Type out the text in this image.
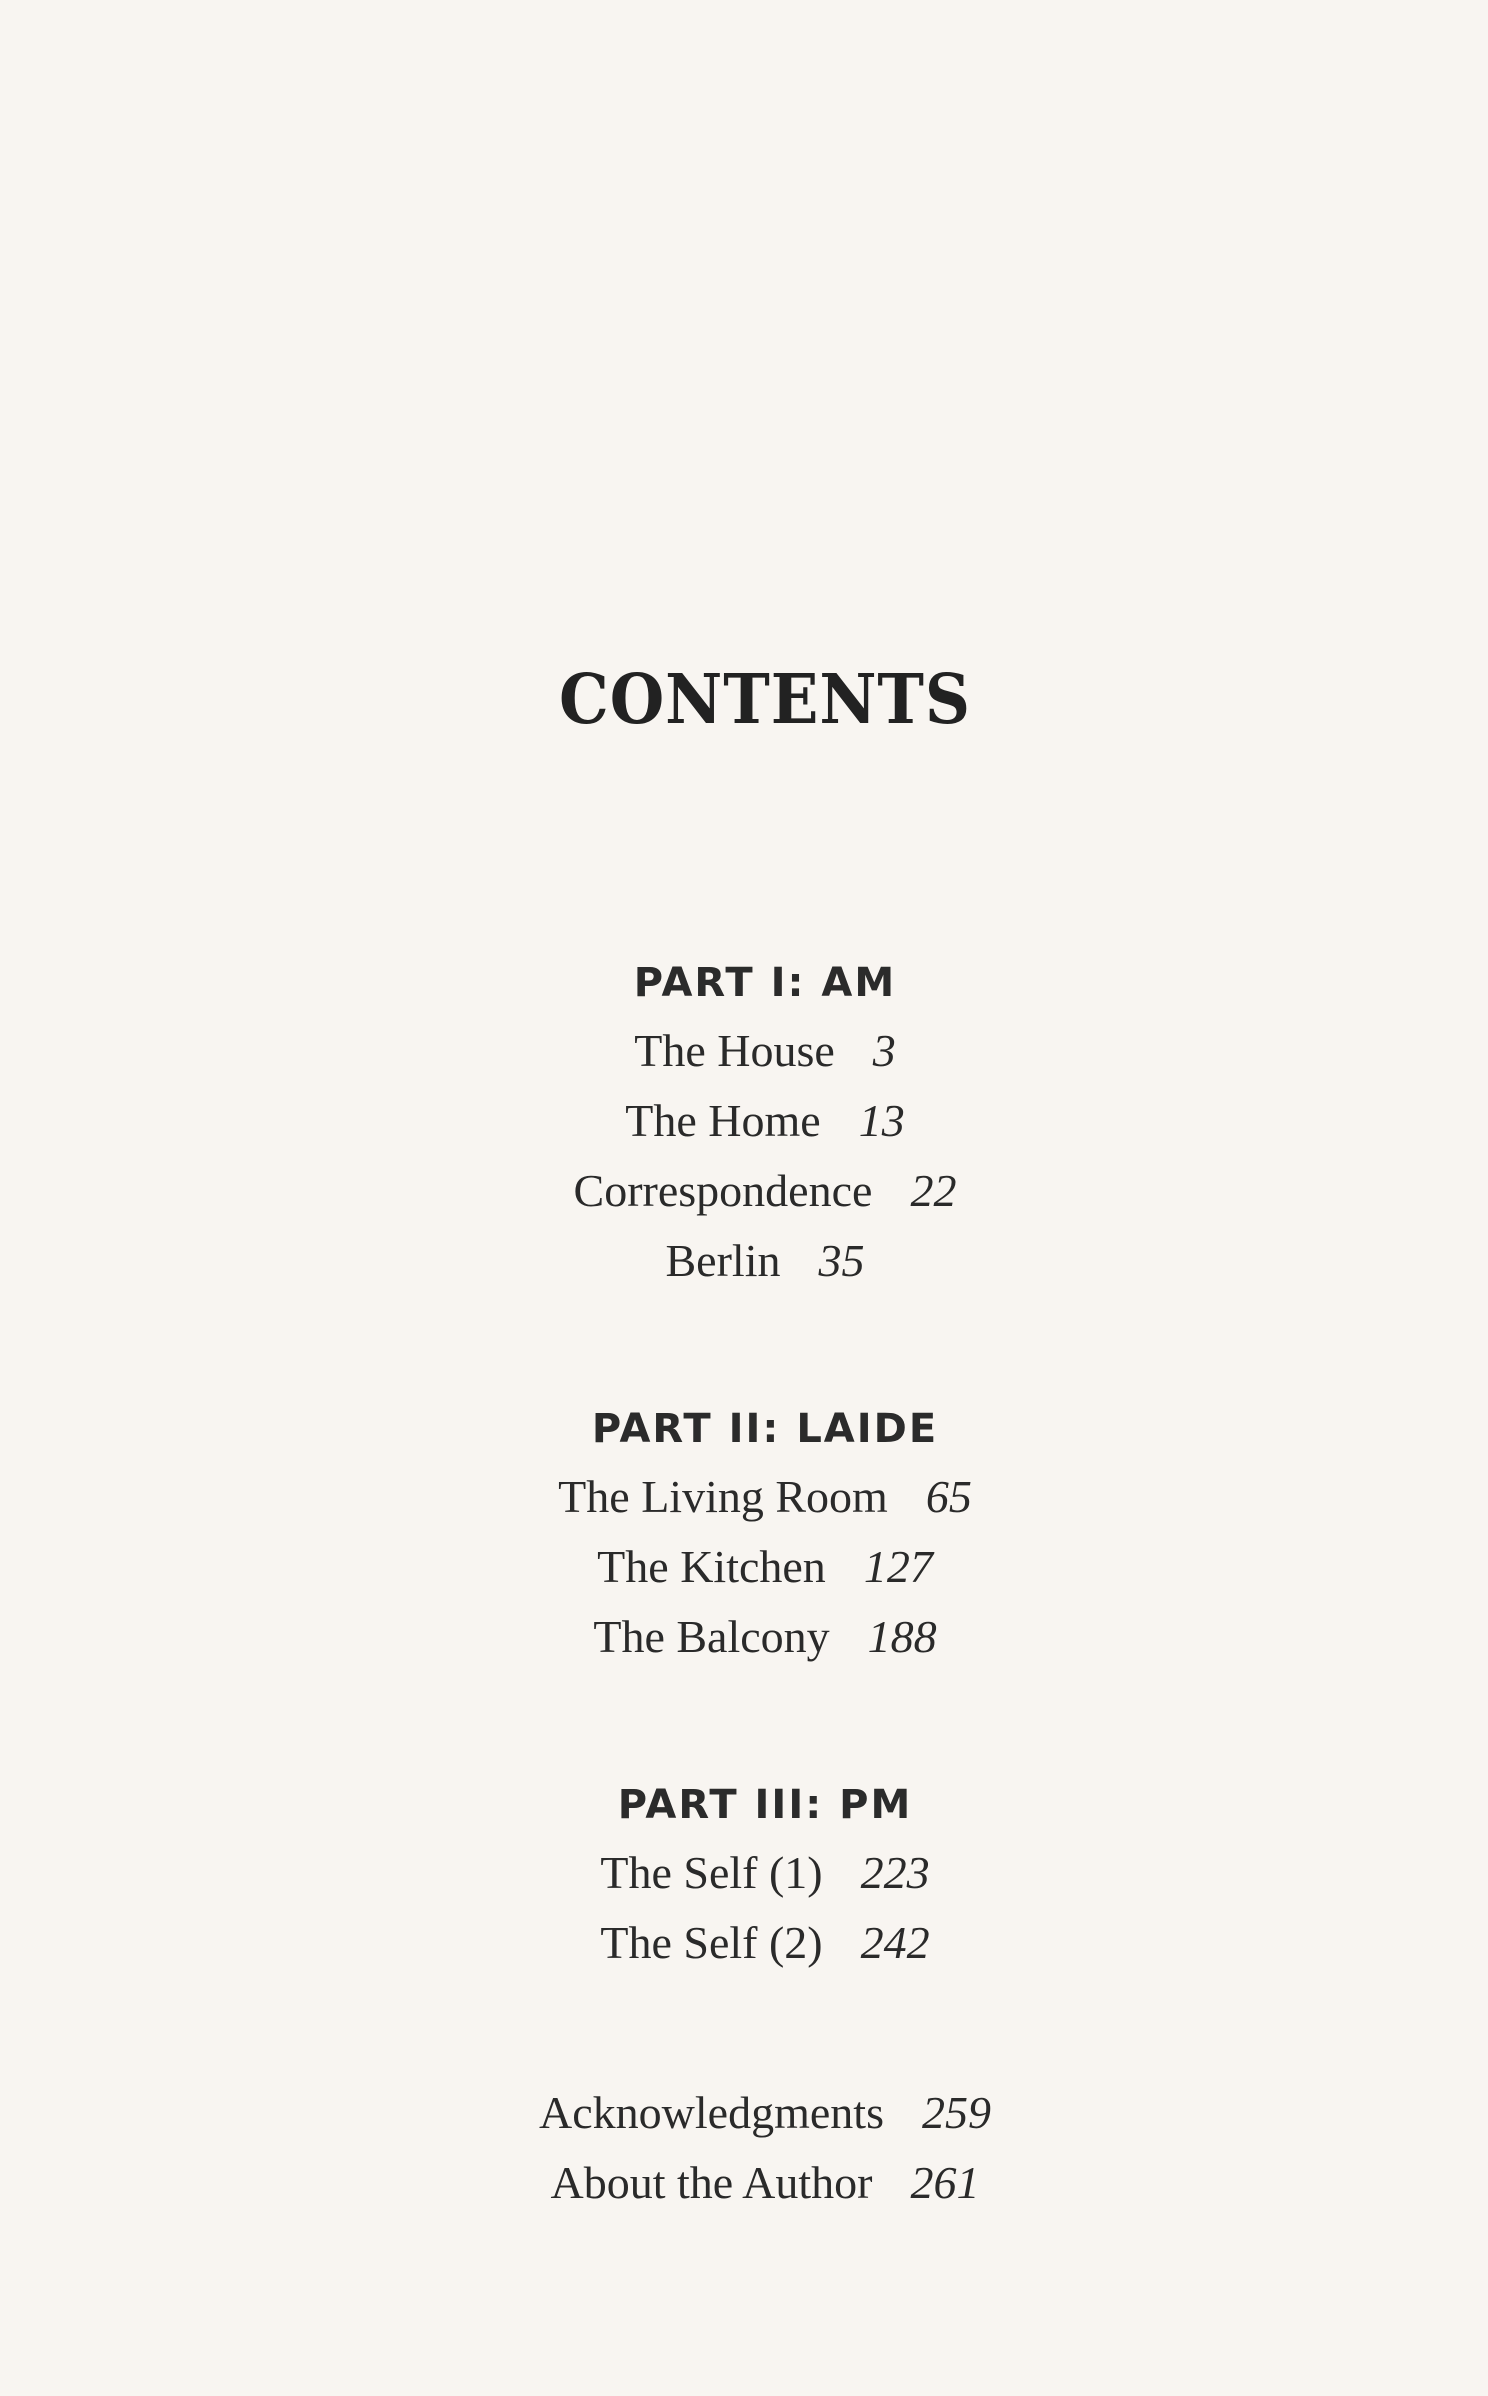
CONTENTS
PART I: AM
The House 3
The Home 13
Correspondence 22
Berlin 35
PART II: LAIDE
The Living Room 65
The Kitchen 127
The Balcony 188
PART III: PM
The Self (1) 223
The Self (2) 242
Acknowledgments 259
About the Author 261
